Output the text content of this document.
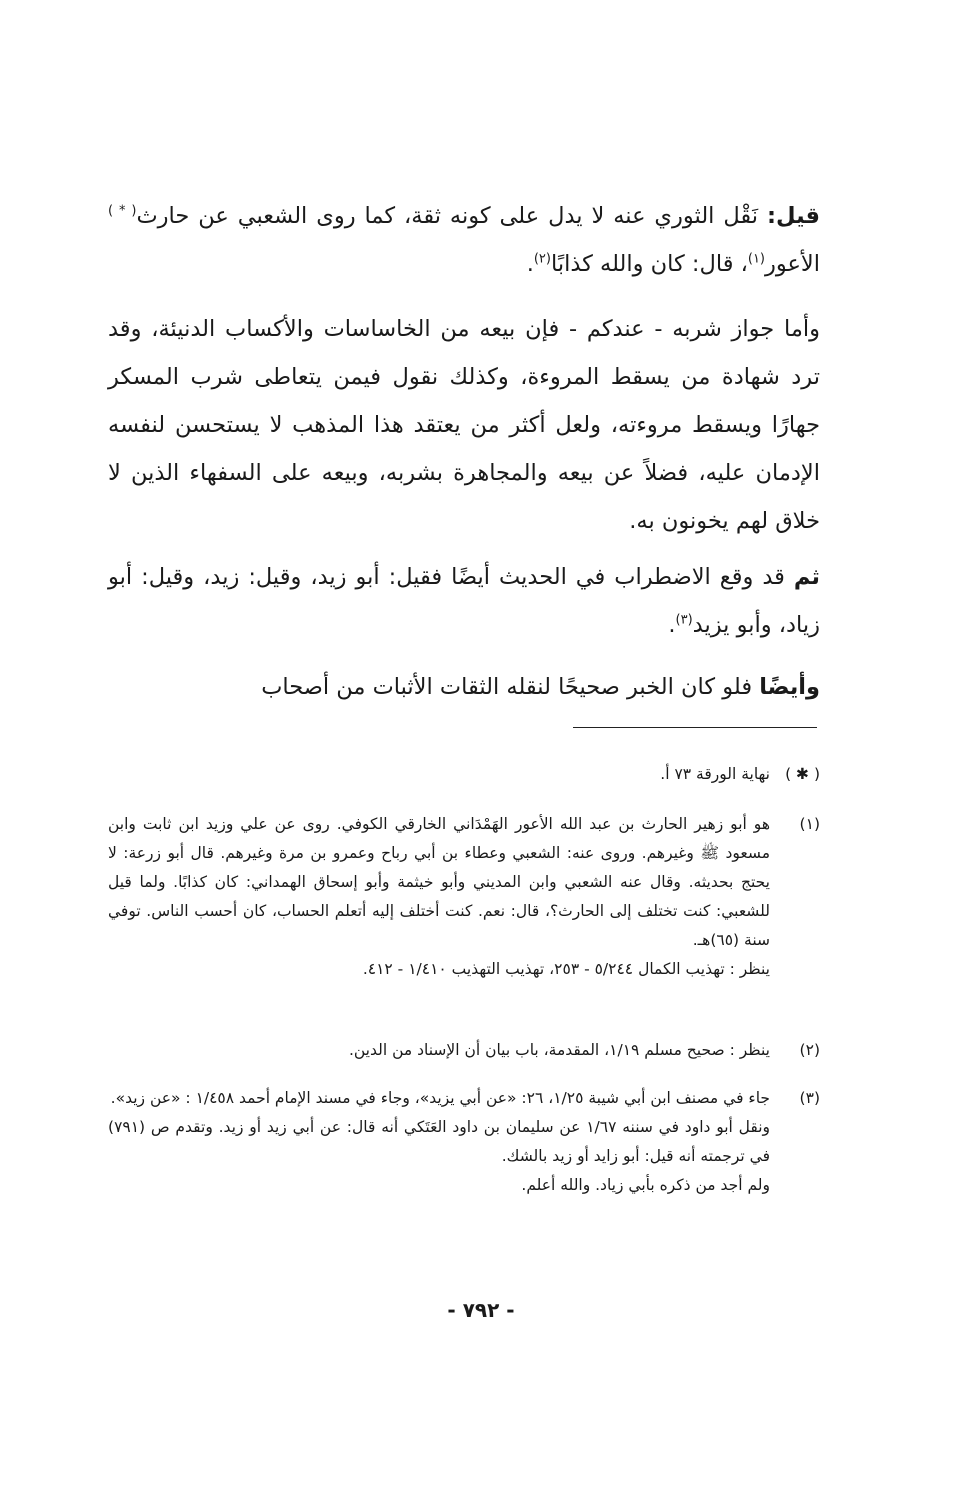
قيل: نَقْل الثوري عنه لا يدل على كونه ثقة، كما روى الشعبي عن حارث( * ) الأعور$^{(١)}$، قال: كان والله كذابًا$^{(٢)}$.

وأما جواز شربه - عندكم - فإن بيعه من الخاساسات والأكساب الدنيئة، وقد ترد شهادة من يسقط المروءة، وكذلك نقول فيمن يتعاطى شرب المسكر جهارًا ويسقط مروءته، ولعل أكثر من يعتقد هذا المذهب لا يستحسن لنفسه الإدمان عليه، فضلاً عن بيعه والمجاهرة بشربه، وبيعه على السفهاء الذين لا خلاق لهم يخونون به.

ثم قد وقع الاضطراب في الحديث أيضًا فقيل: أبو زيد، وقيل: زيد، وقيل: أبو زياد، وأبو يزيد$^{(٣)}$.

وأيضًا فلو كان الخبر صحيحًا لنقله الثقات الأثبات من أصحاب

( ✱ )

نهاية الورقة ٧٣ أ.

(١)

هو أبو زهير الحارث بن عبد الله الأعور الهَمْدَاني الخارقي الكوفي. روى عن علي وزيد ابن ثابت وابن مسعود ﷺ وغيرهم. وروى عنه: الشعبي وعطاء بن أبي رباح وعمرو بن مرة وغيرهم. قال أبو زرعة: لا يحتج بحديثه. وقال عنه الشعبي وابن المديني وأبو خيثمة وأبو إسحاق الهمداني: كان كذابًا. ولما قيل للشعبي: كنت تختلف إلى الحارث؟، قال: نعم. كنت أختلف إليه أتعلم الحساب، كان أحسب الناس. توفي سنة (٦٥)هـ.

ينظر : تهذيب الكمال ٥/٢٤٤ - ٢٥٣، تهذيب التهذيب ١/٤١٠ - ٤١٢.

(٢)

ينظر : صحيح مسلم ١/١٩، المقدمة، باب بيان أن الإسناد من الدين.

(٣)

جاء في مصنف ابن أبي شيبة ١/٢٥، ٢٦: «عن أبي يزيد»، وجاء في مسند الإمام أحمد ١/٤٥٨ : «عن زيد».

ونقل أبو داود في سننه ١/٦٧ عن سليمان بن داود العَتَكي أنه قال: عن أبي زيد أو زيد. وتقدم ص (٧٩١) في ترجمته أنه قيل: أبو زايد أو زيد بالشك.

ولم أجد من ذكره بأبي زياد. والله أعلم.

- ٧٩٢ -
